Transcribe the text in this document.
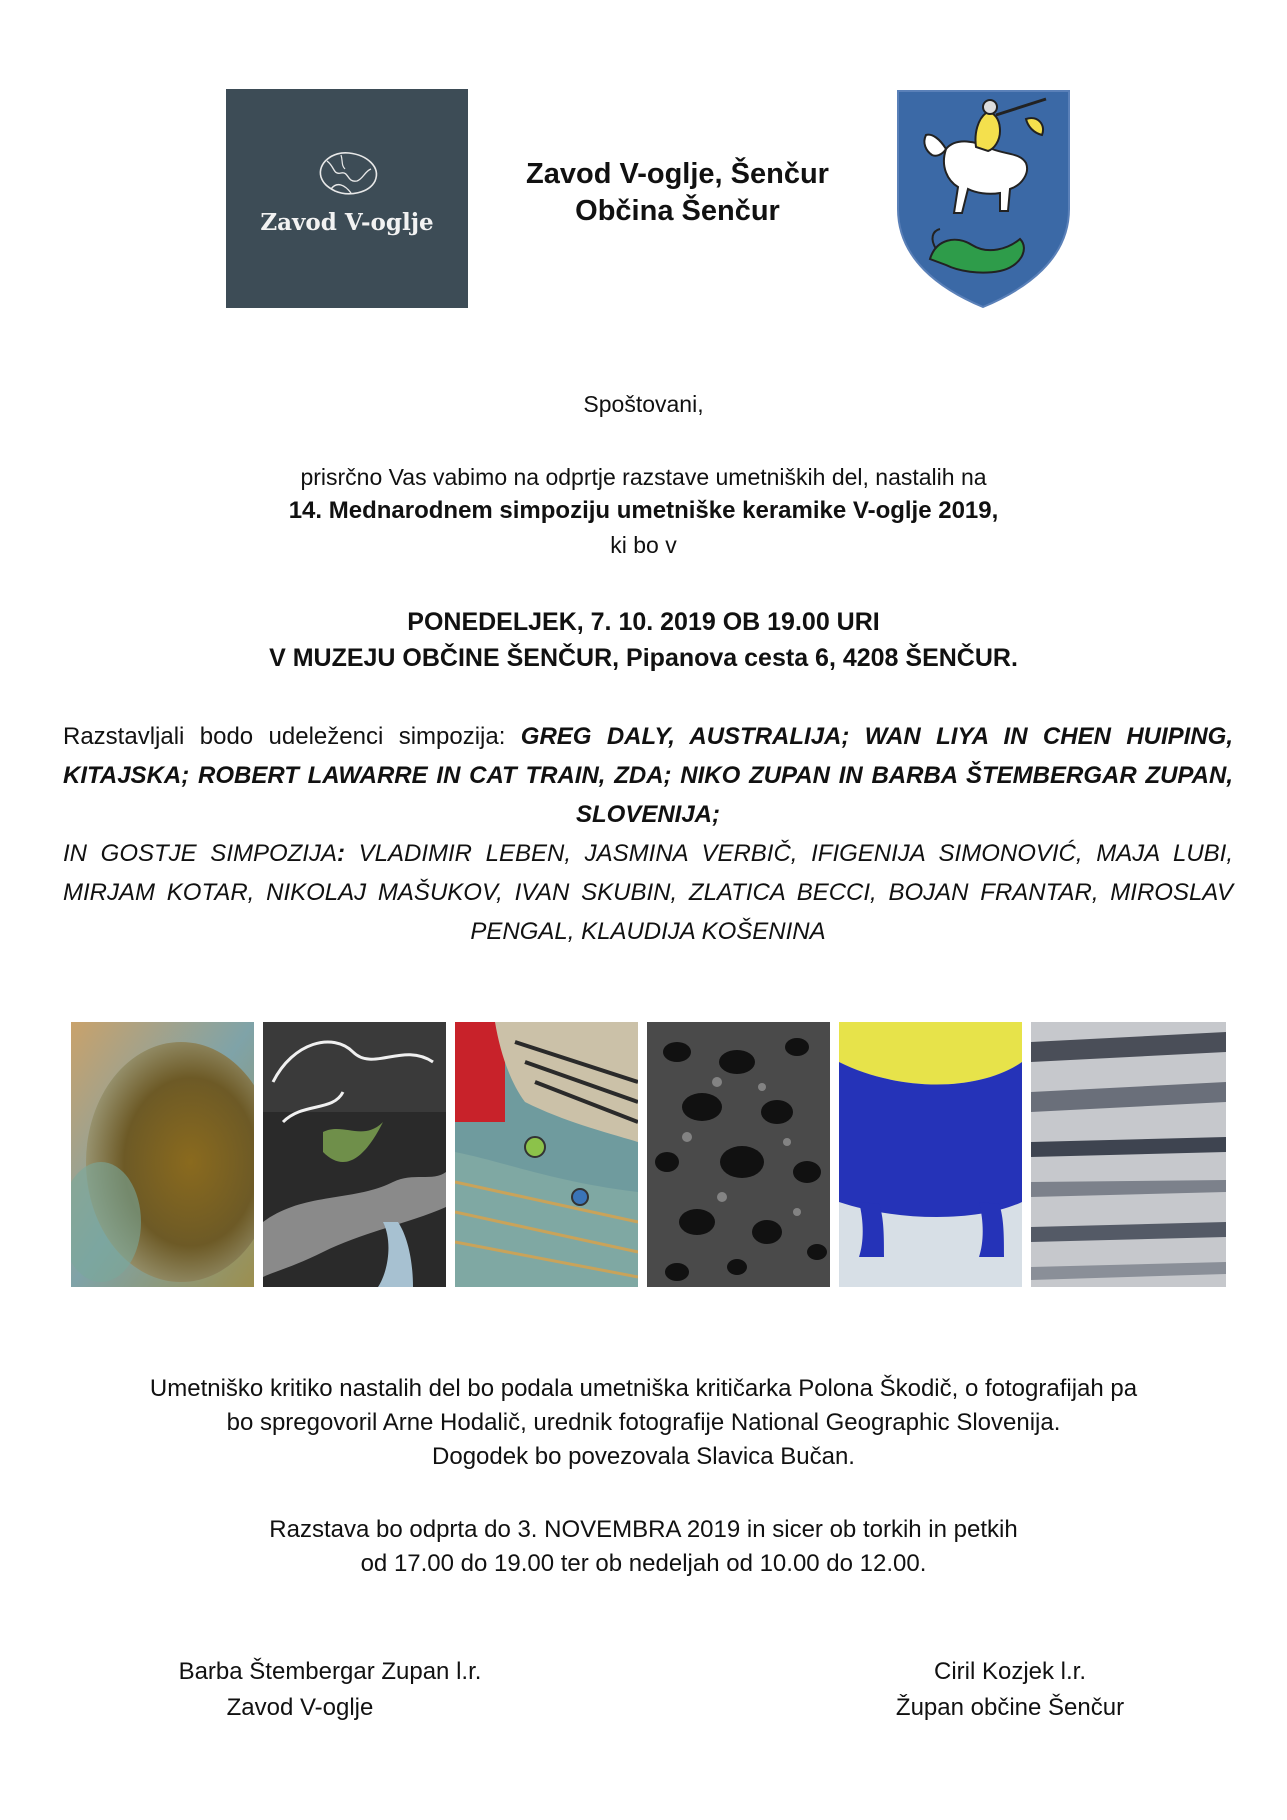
Zavod V-oglje
Zavod V-oglje, Šenčur
Občina Šenčur
Spoštovani,
prisrčno Vas vabimo na odprtje razstave umetniških del, nastalih na
14. Mednarodnem simpoziju umetniške keramike V-oglje 2019,
ki bo v
PONEDELJEK, 7. 10. 2019 OB 19.00 URI
V MUZEJU OBČINE ŠENČUR, Pipanova cesta 6, 4208 ŠENČUR.
Razstavljali bodo udeleženci simpozija: GREG DALY, AUSTRALIJA; WAN LIYA IN CHEN HUIPING, KITAJSKA; ROBERT LAWARRE IN CAT TRAIN, ZDA; NIKO ZUPAN IN BARBA ŠTEMBERGAR ZUPAN, SLOVENIJA;
IN GOSTJE SIMPOZIJA: VLADIMIR LEBEN, JASMINA VERBIČ, IFIGENIJA SIMONOVIĆ, MAJA LUBI, MIRJAM KOTAR, NIKOLAJ MAŠUKOV, IVAN SKUBIN, ZLATICA BECCI, BOJAN FRANTAR, MIROSLAV PENGAL, KLAUDIJA KOŠENINA
Umetniško kritiko nastalih del bo podala umetniška kritičarka Polona Škodič, o fotografijah pa
bo spregovoril Arne Hodalič, urednik fotografije National Geographic Slovenija.
Dogodek bo povezovala Slavica Bučan.
Razstava bo odprta do 3. NOVEMBRA 2019 in sicer ob torkih in petkih
od 17.00 do 19.00 ter ob nedeljah od 10.00 do 12.00.
Barba Štembergar Zupan l.r.
Zavod V-oglje
Ciril Kozjek l.r.
Župan občine Šenčur
